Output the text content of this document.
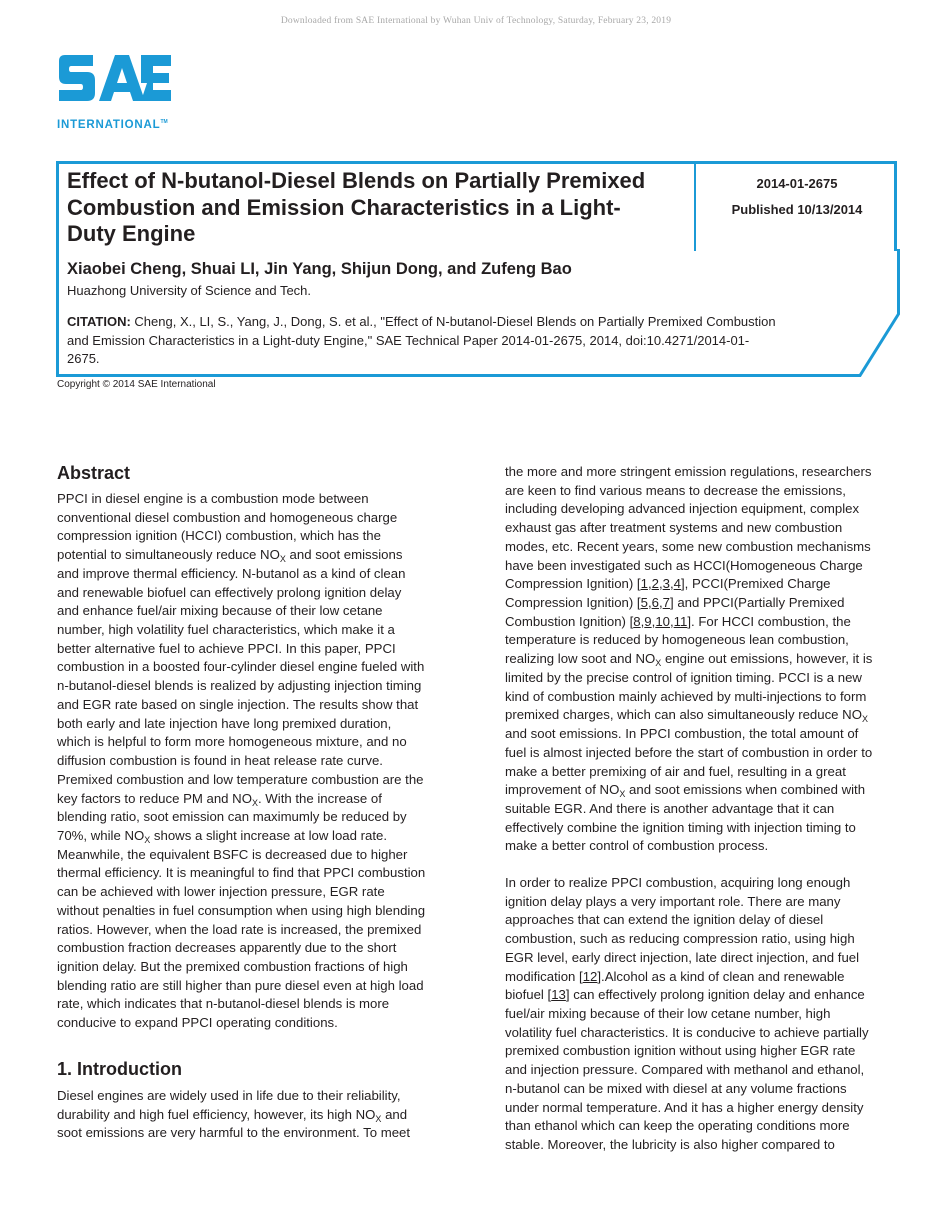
Downloaded from SAE International by Wuhan Univ of Technology, Saturday, February 23, 2019
INTERNATIONAL™
Effect of N-butanol-Diesel Blends on Partially Premixed
Combustion and Emission Characteristics in a Light-
Duty Engine
2014-01-2675
Published 10/13/2014
Xiaobei Cheng, Shuai LI, Jin Yang, Shijun Dong, and Zufeng Bao
Huazhong University of Science and Tech.
CITATION: Cheng, X., LI, S., Yang, J., Dong, S. et al., "Effect of N-butanol-Diesel Blends on Partially Premixed Combustion
and Emission Characteristics in a Light-duty Engine," SAE Technical Paper 2014-01-2675, 2014, doi:10.4271/2014-01-
2675.
Copyright © 2014 SAE International
Abstract
PPCI in diesel engine is a combustion mode between
conventional diesel combustion and homogeneous charge
compression ignition (HCCI) combustion, which has the
potential to simultaneously reduce $NO_X$ and soot emissions
and improve thermal efficiency. N-butanol as a kind of clean
and renewable biofuel can effectively prolong ignition delay
and enhance fuel/air mixing because of their low cetane
number, high volatility fuel characteristics, which make it a
better alternative fuel to achieve PPCI. In this paper, PPCI
combustion in a boosted four-cylinder diesel engine fueled with
n-butanol-diesel blends is realized by adjusting injection timing
and EGR rate based on single injection. The results show that
both early and late injection have long premixed duration,
which is helpful to form more homogeneous mixture, and no
diffusion combustion is found in heat release rate curve.
Premixed combustion and low temperature combustion are the
key factors to reduce PM and $NO_X$. With the increase of
blending ratio, soot emission can maximumly be reduced by
70%, while $NO_X$ shows a slight increase at low load rate.
Meanwhile, the equivalent BSFC is decreased due to higher
thermal efficiency. It is meaningful to find that PPCI combustion
can be achieved with lower injection pressure, EGR rate
without penalties in fuel consumption when using high blending
ratios. However, when the load rate is increased, the premixed
combustion fraction decreases apparently due to the short
ignition delay. But the premixed combustion fractions of high
blending ratio are still higher than pure diesel even at high load
rate, which indicates that n-butanol-diesel blends is more
conducive to expand PPCI operating conditions.
1. Introduction
Diesel engines are widely used in life due to their reliability,
durability and high fuel efficiency, however, its high $NO_X$ and
soot emissions are very harmful to the environment. To meet
the more and more stringent emission regulations, researchers
are keen to find various means to decrease the emissions,
including developing advanced injection equipment, complex
exhaust gas after treatment systems and new combustion
modes, etc. Recent years, some new combustion mechanisms
have been investigated such as HCCI(Homogeneous Charge
Compression Ignition) [1,2,3,4], PCCI(Premixed Charge
Compression Ignition) [5,6,7] and PPCI(Partially Premixed
Combustion Ignition) [8,9,10,11]. For HCCI combustion, the
temperature is reduced by homogeneous lean combustion,
realizing low soot and $NO_X$ engine out emissions, however, it is
limited by the precise control of ignition timing. PCCI is a new
kind of combustion mainly achieved by multi-injections to form
premixed charges, which can also simultaneously reduce $NO_X$
and soot emissions. In PPCI combustion, the total amount of
fuel is almost injected before the start of combustion in order to
make a better premixing of air and fuel, resulting in a great
improvement of $NO_X$ and soot emissions when combined with
suitable EGR. And there is another advantage that it can
effectively combine the ignition timing with injection timing to
make a better control of combustion process.
In order to realize PPCI combustion, acquiring long enough
ignition delay plays a very important role. There are many
approaches that can extend the ignition delay of diesel
combustion, such as reducing compression ratio, using high
EGR level, early direct injection, late direct injection, and fuel
modification [12].Alcohol as a kind of clean and renewable
biofuel [13] can effectively prolong ignition delay and enhance
fuel/air mixing because of their low cetane number, high
volatility fuel characteristics. It is conducive to achieve partially
premixed combustion ignition without using higher EGR rate
and injection pressure. Compared with methanol and ethanol,
n-butanol can be mixed with diesel at any volume fractions
under normal temperature. And it has a higher energy density
than ethanol which can keep the operating conditions more
stable. Moreover, the lubricity is also higher compared to
